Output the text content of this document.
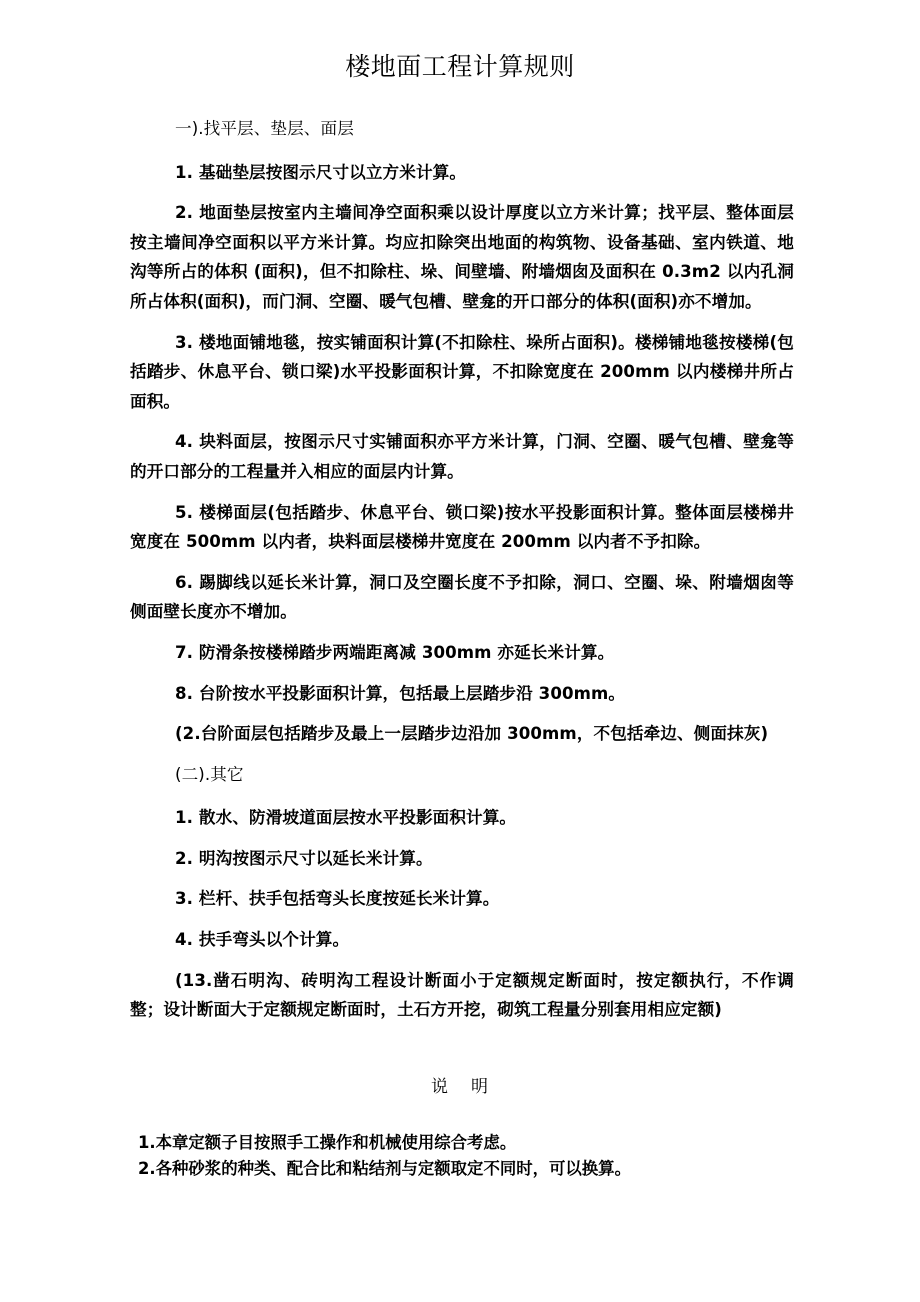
楼地面工程计算规则

一).找平层、垫层、面层

1. 基础垫层按图示尺寸以立方米计算。

2. 地面垫层按室内主墙间净空面积乘以设计厚度以立方米计算；找平层、整体面层按主墙间净空面积以平方米计算。均应扣除突出地面的构筑物、设备基础、室内铁道、地沟等所占的体积 (面积)，但不扣除柱、垛、间壁墙、附墙烟囱及面积在 0.3m2 以内孔洞所占体积(面积)，而门洞、空圈、暖气包槽、壁龛的开口部分的体积(面积)亦不增加。

3. 楼地面铺地毯，按实铺面积计算(不扣除柱、垛所占面积)。楼梯铺地毯按楼梯(包括踏步、休息平台、锁口梁)水平投影面积计算，不扣除宽度在 200mm 以内楼梯井所占面积。

4. 块料面层，按图示尺寸实铺面积亦平方米计算，门洞、空圈、暖气包槽、壁龛等的开口部分的工程量并入相应的面层内计算。

5. 楼梯面层(包括踏步、休息平台、锁口梁)按水平投影面积计算。整体面层楼梯井宽度在 500mm 以内者，块料面层楼梯井宽度在 200mm 以内者不予扣除。

6. 踢脚线以延长米计算，洞口及空圈长度不予扣除，洞口、空圈、垛、附墙烟囱等侧面壁长度亦不增加。

7. 防滑条按楼梯踏步两端距离减 300mm 亦延长米计算。

8. 台阶按水平投影面积计算，包括最上层踏步沿 300mm。

(2.台阶面层包括踏步及最上一层踏步边沿加 300mm，不包括牵边、侧面抹灰)

(二).其它

1. 散水、防滑坡道面层按水平投影面积计算。

2. 明沟按图示尺寸以延长米计算。

3. 栏杆、扶手包括弯头长度按延长米计算。

4. 扶手弯头以个计算。

(13.凿石明沟、砖明沟工程设计断面小于定额规定断面时，按定额执行，不作调整；设计断面大于定额规定断面时，土石方开挖，砌筑工程量分别套用相应定额)

说 明

1.本章定额子目按照手工操作和机械使用综合考虑。

2.各种砂浆的种类、配合比和粘结剂与定额取定不同时，可以换算。
